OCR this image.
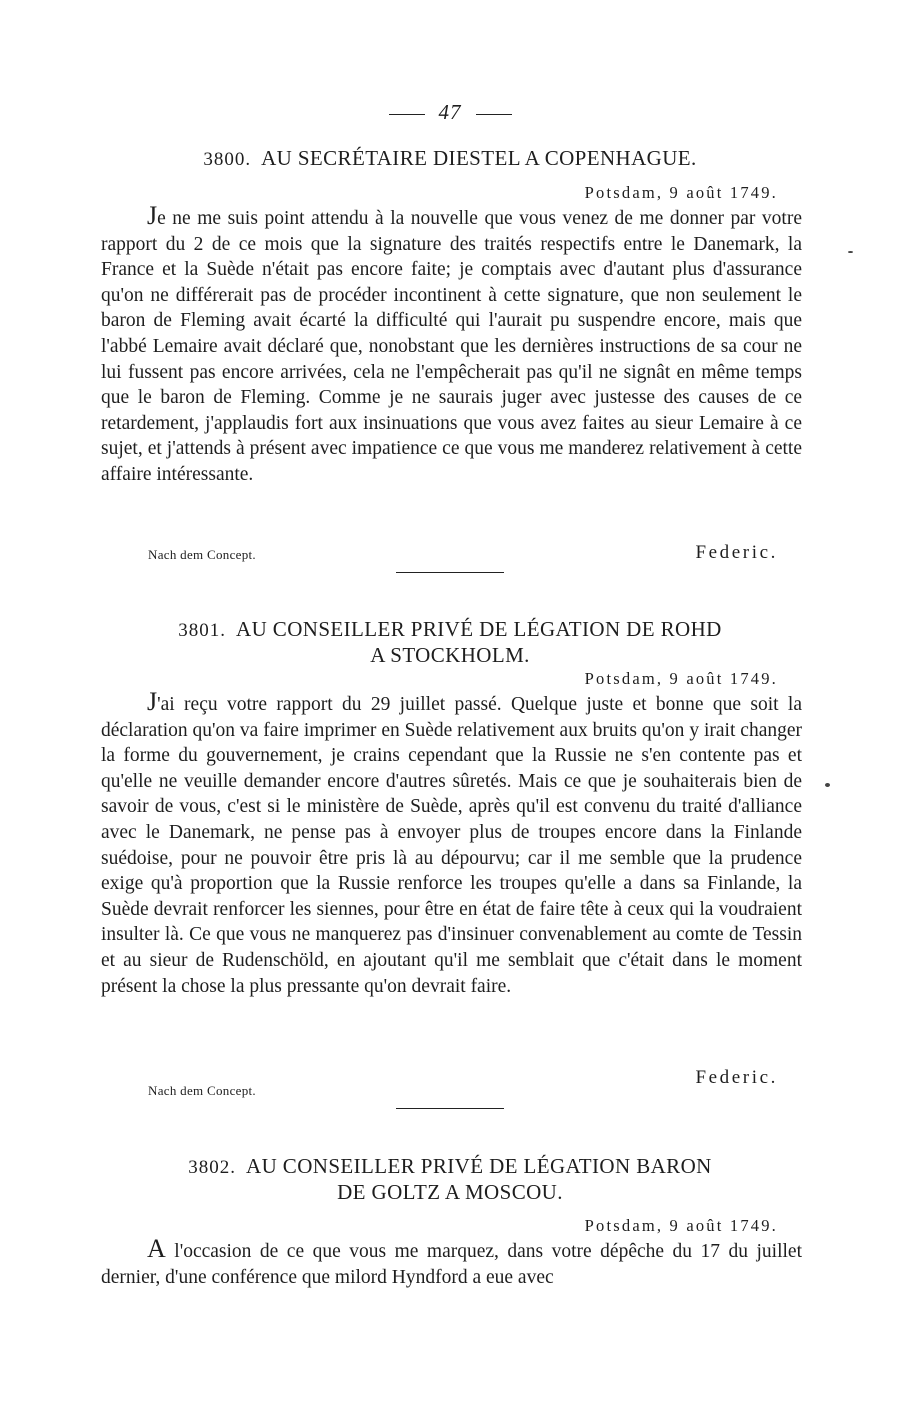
47
3800. AU SECRÉTAIRE DIESTEL A COPENHAGUE.
Potsdam, 9 août 1749.

Je ne me suis point attendu à la nouvelle que vous venez de me donner par votre rapport du 2 de ce mois que la signature des traités respectifs entre le Danemark, la France et la Suède n'était pas encore faite; je comptais avec d'autant plus d'assurance qu'on ne différerait pas de procéder incontinent à cette signature, que non seulement le baron de Fleming avait écarté la difficulté qui l'aurait pu suspendre encore, mais que l'abbé Lemaire avait déclaré que, nonobstant que les dernières instructions de sa cour ne lui fussent pas encore arrivées, cela ne l'empêcherait pas qu'il ne signât en même temps que le baron de Fleming. Comme je ne saurais juger avec justesse des causes de ce retardement, j'applaudis fort aux insinuations que vous avez faites au sieur Lemaire à ce sujet, et j'attends à présent avec impatience ce que vous me manderez relativement à cette affaire intéressante.

Nach dem Concept.	Federic.
3801. AU CONSEILLER PRIVÉ DE LÉGATION DE ROHD
A STOCKHOLM.
Potsdam, 9 août 1749.

J'ai reçu votre rapport du 29 juillet passé. Quelque juste et bonne que soit la déclaration qu'on va faire imprimer en Suède relativement aux bruits qu'on y irait changer la forme du gouvernement, je crains cependant que la Russie ne s'en contente pas et qu'elle ne veuille demander encore d'autres sûretés. Mais ce que je souhaiterais bien de savoir de vous, c'est si le ministère de Suède, après qu'il est convenu du traité d'alliance avec le Danemark, ne pense pas à envoyer plus de troupes encore dans la Finlande suédoise, pour ne pouvoir être pris là au dépourvu; car il me semble que la prudence exige qu'à proportion que la Russie renforce les troupes qu'elle a dans sa Finlande, la Suède devrait renforcer les siennes, pour être en état de faire tête à ceux qui la voudraient insulter là. Ce que vous ne manquerez pas d'insinuer convenablement au comte de Tessin et au sieur de Rudenschöld, en ajoutant qu'il me semblait que c'était dans le moment présent la chose la plus pressante qu'on devrait faire.

Nach dem Concept.
Federic.
3802. AU CONSEILLER PRIVÉ DE LÉGATION BARON
DE GOLTZ A MOSCOU.
Potsdam, 9 août 1749.

A l'occasion de ce que vous me marquez, dans votre dépêche du 17 du juillet dernier, d'une conférence que milord Hyndford a eue avec
